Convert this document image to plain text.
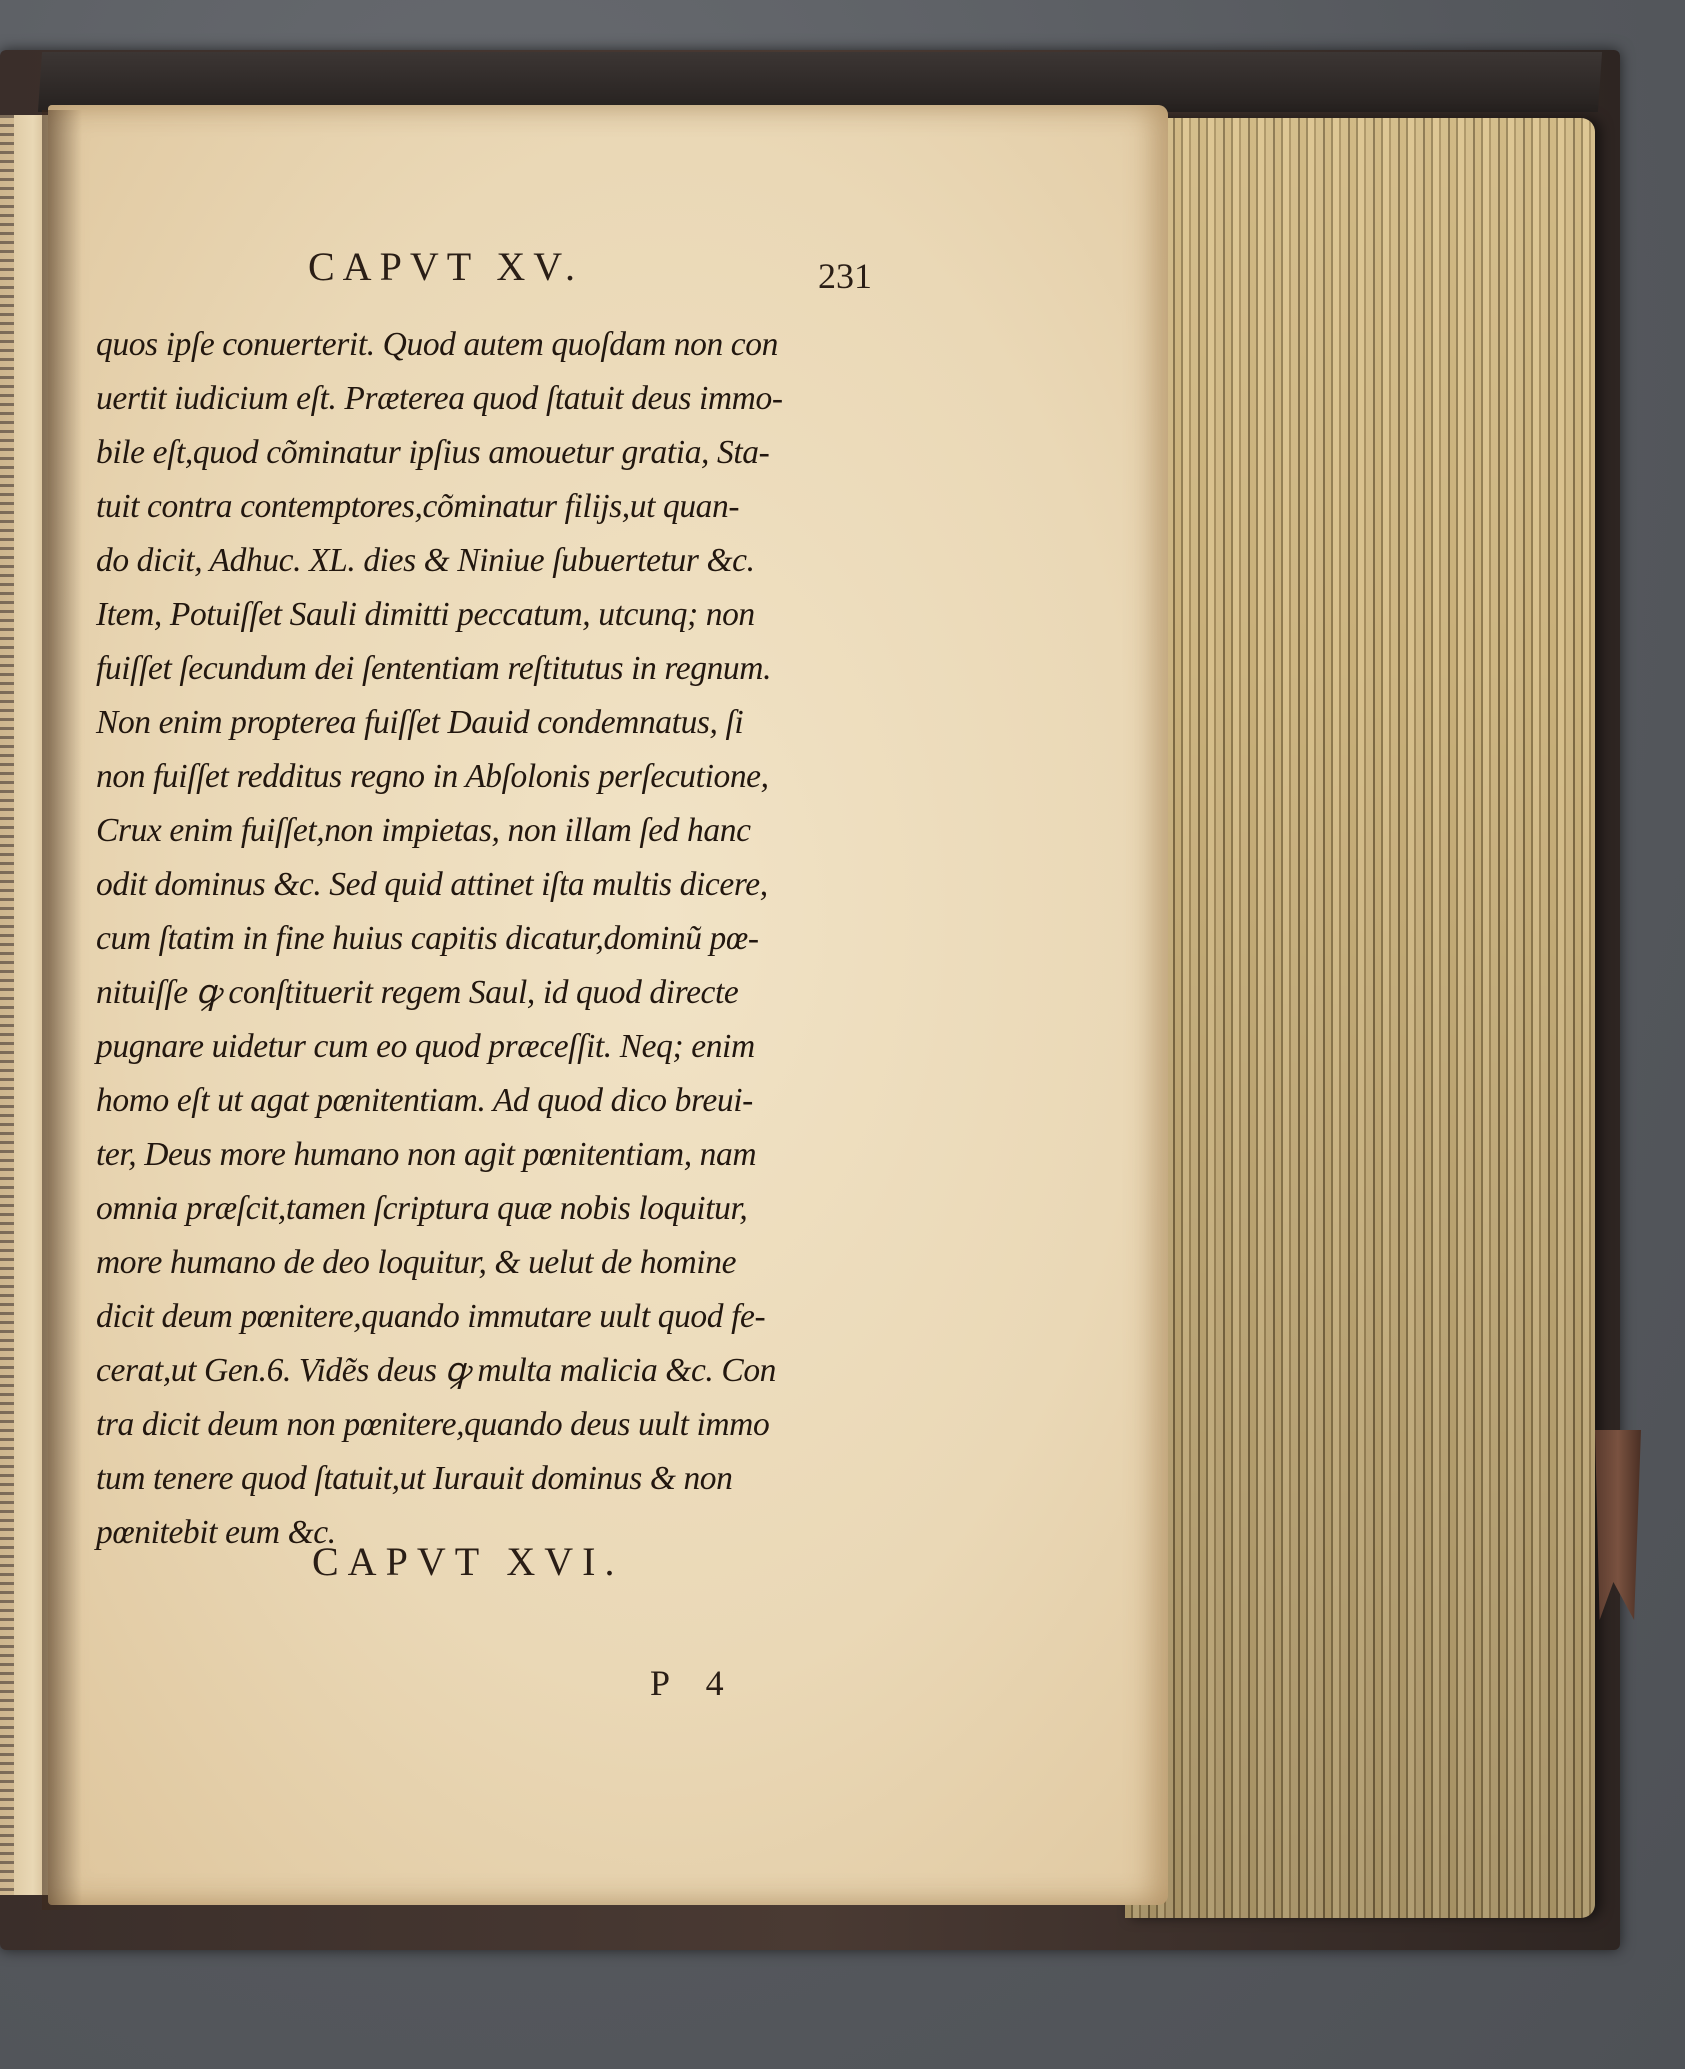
CAPVT XV.	231
quos ipſe conuerterit. Quod autem quoſdam non con
uertit iudicium eſt. Præterea quod ſtatuit deus immo-
bile eſt,quod cõminatur ipſius amouetur gratia, Sta-
tuit contra contemptores,cõminatur filijs,ut quan-
do dicit, Adhuc. XL. dies & Niniue ſubuertetur &c.
Item, Potuiſſet Sauli dimitti peccatum, utcunq; non
fuiſſet ſecundum dei ſententiam reſtitutus in regnum.
Non enim propterea fuiſſet Dauid condemnatus, ſi
non fuiſſet redditus regno in Abſolonis perſecutione,
Crux enim fuiſſet,non impietas, non illam ſed hanc
odit dominus &c. Sed quid attinet iſta multis dicere,
cum ſtatim in fine huius capitis dicatur,dominũ pœ-
nituiſſe ꝙ conſtituerit regem Saul, id quod directe
pugnare uidetur cum eo quod præceſſit. Neq; enim
homo eſt ut agat pœnitentiam. Ad quod dico breui-
ter, Deus more humano non agit pœnitentiam, nam
omnia præſcit,tamen ſcriptura quæ nobis loquitur,
more humano de deo loquitur, & uelut de homine
dicit deum pœnitere,quando immutare uult quod fe-
cerat,ut Gen.6. Vidẽs deus ꝙ multa malicia &c. Con
tra dicit deum non pœnitere,quando deus uult immo
tum tenere quod ſtatuit,ut Iurauit dominus & non
pœnitebit eum &c.
CAPVT XVI.
P 4
